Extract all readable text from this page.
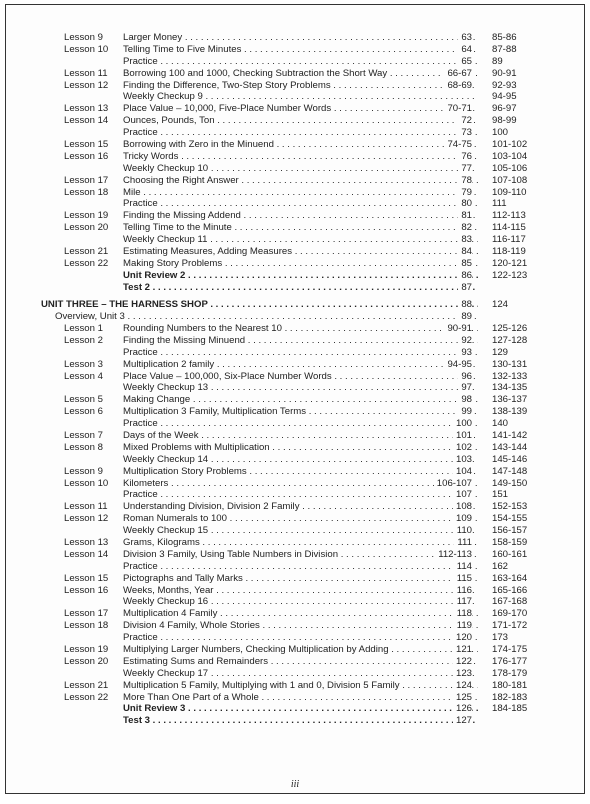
Lesson 9 Larger Money . . .	63 85-86
Lesson 10 Telling Time to Five Minutes . . .	64 87-88
Practice . . .	65 89
Lesson 11 Borrowing 100 and 1000, Checking Subtraction the Short Way . . .	66-67 90-91
Lesson 12 Finding the Difference, Two-Step Story Problems . . .	68-69 92-93
Weekly Checkup 9 . . .	94-95
Lesson 13 Place Value – 10,000, Five-Place Number Words . . .	70-71 96-97
Lesson 14 Ounces, Pounds, Ton . . .	72 98-99
Practice . . .	73 100
Lesson 15 Borrowing with Zero in the Minuend . . .	74-75 101-102
Lesson 16 Tricky Words . . .	76 103-104
Weekly Checkup 10 . . .	77 105-106
Lesson 17 Choosing the Right Answer . . .	78 107-108
Lesson 18 Mile . . .	79 109-110
Practice . . .	80 111
Lesson 19 Finding the Missing Addend . . .	81 112-113
Lesson 20 Telling Time to the Minute . . .	82 114-115
Weekly Checkup 11 . . .	83 116-117
Lesson 21 Estimating Measures, Adding Measures . . .	84 118-119
Lesson 22 Making Story Problems . . .	85 120-121
Unit Review 2 . . .	86 122-123
Test 2 . . .	87
UNIT THREE – THE HARNESS SHOP . . .	88 124
Overview, Unit 3 . . .	89
Lesson 1 Rounding Numbers to the Nearest 10 . . .	90-91 125-126
Lesson 2 Finding the Missing Minuend . . .	92 127-128
Practice . . .	93 129
Lesson 3 Multiplication 2 family . . .	94-95 130-131
Lesson 4 Place Value – 100,000, Six-Place Number Words . . .	96 132-133
Weekly Checkup 13 . . .	97 134-135
Lesson 5 Making Change . . .	98 136-137
Lesson 6 Multiplication 3 Family, Multiplication Terms . . .	99 138-139
Practice . . .	100 140
Lesson 7 Days of the Week . . .	101 141-142
Lesson 8 Mixed Problems with Multiplication . . .	102 143-144
Weekly Checkup 14 . . .	103 145-146
Lesson 9 Multiplication Story Problems . . .	104 147-148
Lesson 10 Kilometers . . .	106-107 149-150
Practice . . .	107 151
Lesson 11 Understanding Division, Division 2 Family . . .	108 152-153
Lesson 12 Roman Numerals to 100 . . .	109 154-155
Weekly Checkup 15 . . .	110 156-157
Lesson 13 Grams, Kilograms . . .	111 158-159
Lesson 14 Division 3 Family, Using Table Numbers in Division . . .	112-113 160-161
Practice . . .	114 162
Lesson 15 Pictographs and Tally Marks . . .	115 163-164
Lesson 16 Weeks, Months, Year . . .	116 165-166
Weekly Checkup 16 . . .	117 167-168
Lesson 17 Multiplication 4 Family . . .	118 169-170
Lesson 18 Division 4 Family, Whole Stories . . .	119 171-172
Practice . . .	120 173
Lesson 19 Multiplying Larger Numbers, Checking Multiplication by Adding . . .	121 174-175
Lesson 20 Estimating Sums and Remainders . . .	122 176-177
Weekly Checkup 17 . . .	123 178-179
Lesson 21 Multiplication 5 Family, Multiplying with 1 and 0, Division 5 Family . . .	124 180-181
Lesson 22 More Than One Part of a Whole . . .	125 182-183
Unit Review 3 . . .	126 184-185
Test 3 . . .	127
iii
